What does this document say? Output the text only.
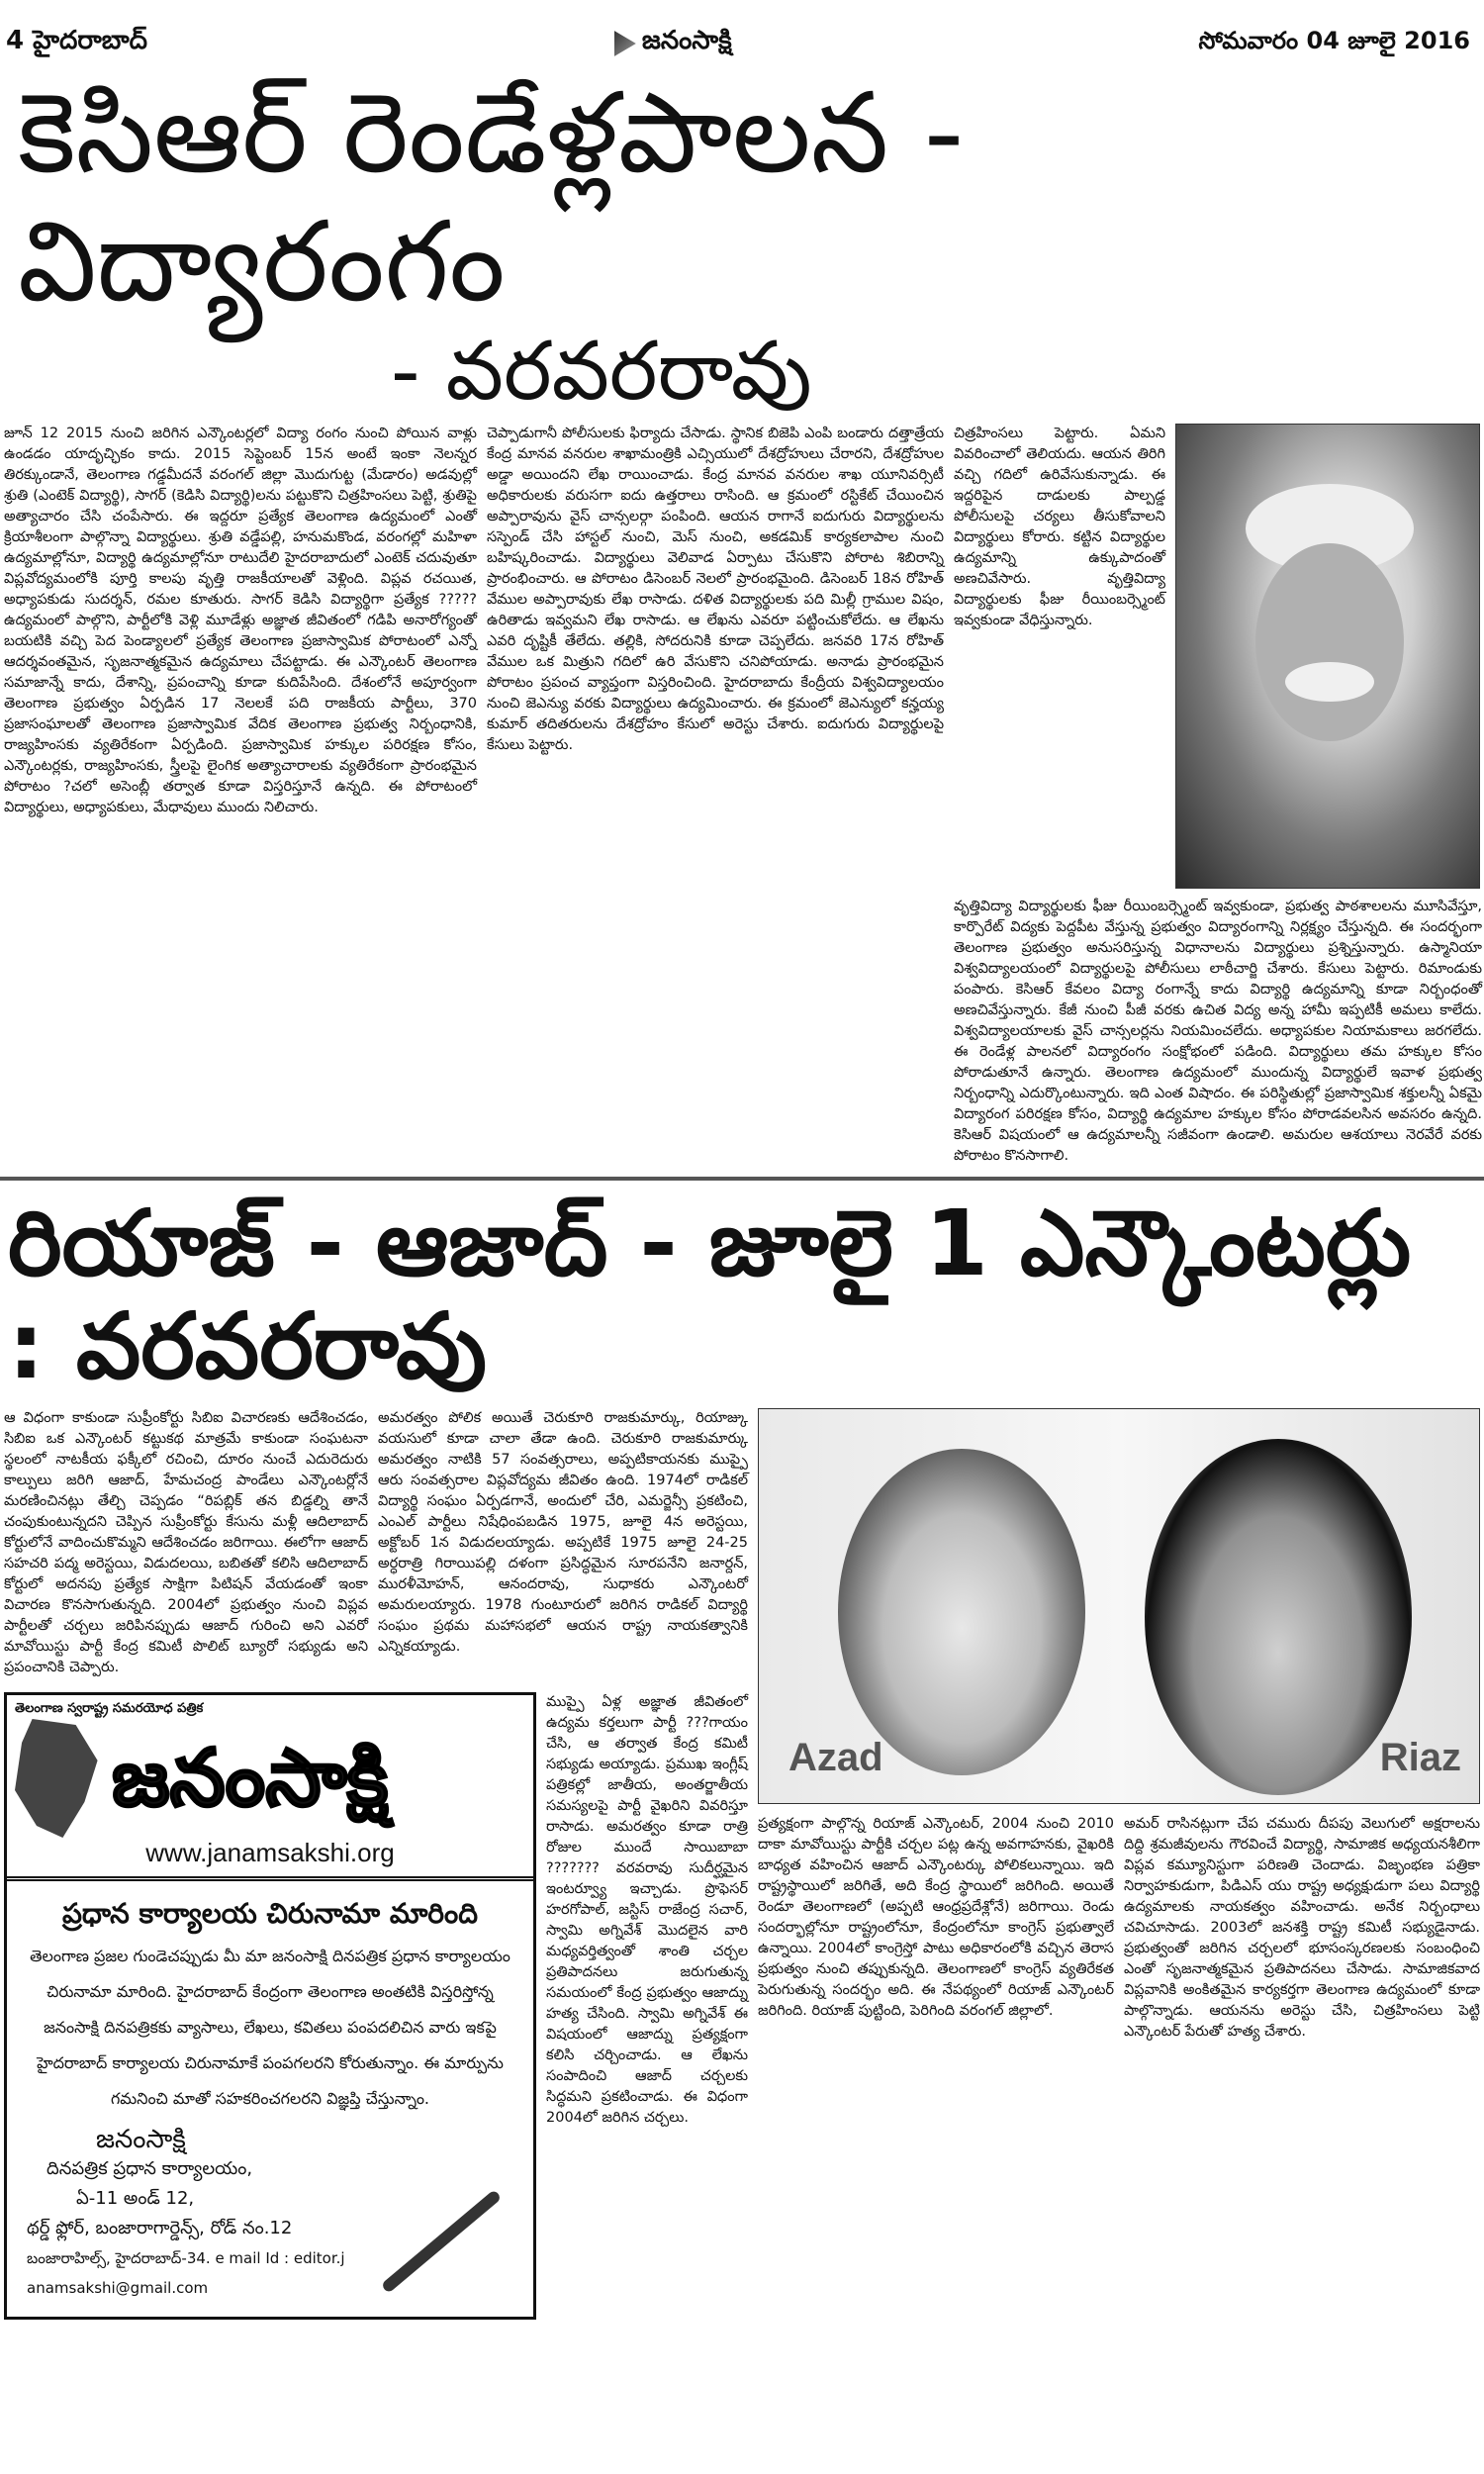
4 హైదరాబాద్	జనంసాక్షి	సోమవారం 04 జూలై 2016
కెసిఆర్ రెండేళ్లపాలన - విద్యారంగం
- వరవరరావు

జూన్ 12 2015 నుంచి జరిగిన ఎన్కౌంటర్లలో విద్యా రంగం నుంచి పోయిన వాళ్లు ఉండడం యాదృచ్ఛికం కాదు. 2015 సెప్టెంబర్ 15న అంటే ఇంకా నెలన్నర తిరక్కుండానే, తెలంగాణ గడ్డమీదనే వరంగల్ జిల్లా మొదుగుట్ట (మేడారం) అడవుల్లో శ్రుతి (ఎంటెక్ విద్యార్థి), సాగర్ (కెడిసి విద్యార్థి)లను పట్టుకొని చిత్రహింసలు పెట్టి, శ్రుతిపై అత్యాచారం చేసి చంపేసారు. ఈ ఇద్దరూ ప్రత్యేక తెలంగాణ ఉద్యమంలో ఎంతో క్రియాశీలంగా పాల్గొన్నా విద్యార్థులు. శ్రుతి వడ్డేపల్లి, హనుమకొండ, వరంగల్లో మహిళా ఉద్యమాల్లోనూ, విద్యార్థి ఉద్యమాల్లోనూ రాటుదేలి హైదరాబాదులో ఎంటెక్ చదువుతూ విప్లవోద్యమంలోకి పూర్తి కాలపు వృత్తి రాజకీయాలతో వెళ్లింది. విప్లవ రచయిత, అధ్యాపకుడు సుదర్శన్, రమల కూతురు. సాగర్ కెడిసి విద్యార్థిగా ప్రత్యేక ?????ఉద్యమంలో పాల్గొని, పార్టీలోకి వెళ్లి మూడేళ్లు అజ్ఞాత జీవితంలో గడిపి అనారోగ్యంతో బయటికి వచ్చి పెద పెండ్యాలలో ప్రత్యేక తెలంగాణ ప్రజాస్వామిక పోరాటంలో ఎన్నో ఆదర్శవంతమైన, సృజనాత్మకమైన ఉద్యమాలు చేపట్టాడు. ఈ ఎన్కౌంటర్ తెలంగాణ సమాజాన్నే కాదు, దేశాన్ని, ప్రపంచాన్ని కూడా కుదిపేసింది. దేశంలోనే అపూర్వంగా తెలంగాణ ప్రభుత్వం ఏర్పడిన 17 నెలలకే పది రాజకీయ పార్టీలు, 370 ప్రజాసంఘాలతో తెలంగాణ ప్రజాస్వామిక వేదిక తెలంగాణ ప్రభుత్వ నిర్బంధానికి, రాజ్యహింసకు వ్యతిరేకంగా ఏర్పడింది. ప్రజాస్వామిక హక్కుల పరిరక్షణ కోసం, ఎన్కౌంటర్లకు, రాజ్యహింసకు, స్త్రీలపై లైంగిక అత్యాచారాలకు వ్యతిరేకంగా ప్రారంభమైన పోరాటం ?చలో అసెంబ్లీ తర్వాత కూడా విస్తరిస్తూనే ఉన్నది. ఈ పోరాటంలో విద్యార్థులు, అధ్యాపకులు, మేధావులు ముందు నిలిచారు.

చెప్పాడుగానీ పోలీసులకు ఫిర్యాదు చేసాడు. స్థానిక బిజెపి ఎంపి బండారు దత్తాత్రేయ కేంద్ర మానవ వనరుల శాఖామంత్రికి ఎచ్సియులో దేశద్రోహులు చేరారని, దేశద్రోహుల అడ్డా అయిందని లేఖ రాయించాడు. కేంద్ర మానవ వనరుల శాఖ యూనివర్సిటీ అధికారులకు వరుసగా ఐదు ఉత్తరాలు రాసింది. ఆ క్రమంలో రస్టికేట్ చేయించిన అప్పారావును వైస్ చాన్సలర్గా పంపింది. ఆయన రాగానే ఐదుగురు విద్యార్థులను సస్పెండ్ చేసి హాస్టల్ నుంచి, మెస్ నుంచి, అకడమిక్ కార్యకలాపాల నుంచి బహిష్కరించాడు. విద్యార్థులు వెలివాడ ఏర్పాటు చేసుకొని పోరాట శిబిరాన్ని ప్రారంభించారు. ఆ పోరాటం డిసెంబర్ నెలలో ప్రారంభమైంది. డిసెంబర్ 18న రోహిత్ వేముల అప్పారావుకు లేఖ రాసాడు. దళిత విద్యార్థులకు పది మిల్లీ గ్రాముల విషం, ఉరితాడు ఇవ్వమని లేఖ రాసాడు. ఆ లేఖను ఎవరూ పట్టించుకోలేదు. ఆ లేఖను ఎవరి దృష్టికీ తేలేదు. తల్లికి, సోదరునికి కూడా చెప్పలేదు. జనవరి 17న రోహిత్ వేముల ఒక మిత్రుని గదిలో ఉరి వేసుకొని చనిపోయాడు. అనాడు ప్రారంభమైన పోరాటం ప్రపంచ వ్యాప్తంగా విస్తరించింది. హైదరాబాదు కేంద్రీయ విశ్వవిద్యాలయం నుంచి జెఎన్యు వరకు విద్యార్థులు ఉద్యమించారు. ఈ క్రమంలో జెఎన్యులో కన్హయ్య కుమార్ తదితరులను దేశద్రోహం కేసులో అరెస్టు చేశారు. ఐదుగురు విద్యార్థులపై కేసులు పెట్టారు.

చిత్రహింసలు పెట్టారు. ఏమని వివరించాలో తెలియదు. ఆయన తిరిగి వచ్చి గదిలో ఉరివేసుకున్నాడు. ఈ ఇద్దరిపైన దాడులకు పాల్పడ్డ పోలీసులపై చర్యలు తీసుకోవాలని విద్యార్థులు కోరారు. కట్టిన విద్యార్థుల ఉద్యమాన్ని ఉక్కుపాదంతో అణచివేసారు. వృత్తివిద్యా విద్యార్థులకు ఫీజు రీయింబర్స్మెంట్ ఇవ్వకుండా వేధిస్తున్నారు.

వృత్తివిద్యా విద్యార్థులకు ఫీజు రీయింబర్స్మెంట్ ఇవ్వకుండా, ప్రభుత్వ పాఠశాలలను మూసివేస్తూ, కార్పొరేట్ విద్యకు పెద్దపీట వేస్తున్న ప్రభుత్వం విద్యారంగాన్ని నిర్లక్ష్యం చేస్తున్నది. ఈ సందర్భంగా తెలంగాణ ప్రభుత్వం అనుసరిస్తున్న విధానాలను విద్యార్థులు ప్రశ్నిస్తున్నారు. ఉస్మానియా విశ్వవిద్యాలయంలో విద్యార్థులపై పోలీసులు లాఠీచార్జి చేశారు. కేసులు పెట్టారు. రిమాండుకు పంపారు. కెసిఆర్ కేవలం విద్యా రంగాన్నే కాదు విద్యార్థి ఉద్యమాన్ని కూడా నిర్బంధంతో అణచివేస్తున్నారు. కేజీ నుంచి పీజీ వరకు ఉచిత విద్య అన్న హామీ ఇప్పటికీ అమలు కాలేదు. విశ్వవిద్యాలయాలకు వైస్ చాన్సలర్లను నియమించలేదు. అధ్యాపకుల నియామకాలు జరగలేదు. ఈ రెండేళ్ల పాలనలో విద్యారంగం సంక్షోభంలో పడింది. విద్యార్థులు తమ హక్కుల కోసం పోరాడుతూనే ఉన్నారు. తెలంగాణ ఉద్యమంలో ముందున్న విద్యార్థులే ఇవాళ ప్రభుత్వ నిర్బంధాన్ని ఎదుర్కొంటున్నారు. ఇది ఎంత విషాదం. ఈ పరిస్థితుల్లో ప్రజాస్వామిక శక్తులన్నీ ఏకమై విద్యారంగ పరిరక్షణ కోసం, విద్యార్థి ఉద్యమాల హక్కుల కోసం పోరాడవలసిన అవసరం ఉన్నది. కెసిఆర్ విషయంలో ఆ ఉద్యమాలన్నీ సజీవంగా ఉండాలి. అమరుల ఆశయాలు నెరవేరే వరకు పోరాటం కొనసాగాలి.

రియాజ్ - ఆజాద్ - జూలై 1 ఎన్కౌంటర్లు : వరవరరావు

ఆ విధంగా కాకుండా సుప్రీంకోర్టు సిబిఐ విచారణకు ఆదేశించడం, సిబిఐ ఒక ఎన్కౌంటర్ కట్టుకథ మాత్రమే కాకుండా సంఘటనా స్థలంలో నాటకీయ ఫక్కీలో రచించి, దూరం నుంచే ఎదురెదురు కాల్పులు జరిగి ఆజాద్, హేమచంద్ర పాండేలు ఎన్కౌంటర్లోనే మరణించినట్లు తేల్చి చెప్పడం “రిపబ్లిక్ తన బిడ్డల్ని తానే చంపుకుంటున్నదని చెప్పిన సుప్రీంకోర్టు కేసును మళ్లీ ఆదిలాబాద్ కోర్టులోనే వాదించుకొమ్మని ఆదేశించడం జరిగాయి. ఈలోగా ఆజాద్ సహచరి పద్మ అరెస్టయి, విడుదలయి, బబితతో కలిసి ఆదిలాబాద్ కోర్టులో అదనపు ప్రత్యేక సాక్షిగా పిటిషన్ వేయడంతో ఇంకా విచారణ కొనసాగుతున్నది. 2004లో ప్రభుత్వం నుంచి విప్లవ పార్టీలతో చర్చలు జరిపినప్పుడు ఆజాద్ గురించి అని ఎవరో మావోయిస్టు పార్టీ కేంద్ర కమిటీ పొలిట్ బ్యూరో సభ్యుడు అని ప్రపంచానికి చెప్పారు.

అమరత్వం పోలిక అయితే చెరుకూరి రాజకుమార్కు, రియాజ్కు వయసులో కూడా చాలా తేడా ఉంది. చెరుకూరి రాజకుమార్కు అమరత్వం నాటికి 57 సంవత్సరాలు, అప్పటికాయనకు ముప్పై ఆరు సంవత్సరాల విప్లవోద్యమ జీవితం ఉంది. 1974లో రాడికల్ విద్యార్థి సంఘం ఏర్పడగానే, అందులో చేరి, ఎమర్జెన్సీ ప్రకటించి, ఎంఎల్ పార్టీలు నిషేధింపబడిన 1975, జూలై 4న అరెస్టయి, అక్టోబర్ 1న విడుదలయ్యాడు. అప్పటికే 1975 జూలై 24-25 అర్ధరాత్రి గిరాయిపల్లి దళంగా ప్రసిద్ధమైన సూరపనేని జనార్దన్, మురళీమోహన్, ఆనందరావు, సుధాకరు ఎన్కౌంటరో అమరులయ్యారు. 1978 గుంటూరులో జరిగిన రాడికల్ విద్యార్థి సంఘం ప్రథమ మహాసభలో ఆయన రాష్ట్ర నాయకత్వానికి ఎన్నికయ్యాడు.

తెలంగాణ స్వరాష్ట్ర సమరయోధ పత్రిక
జనంసాక్షి
www.janamsakshi.org
ప్రధాన కార్యాలయ చిరునామా మారింది
తెలంగాణ ప్రజల గుండెచప్పుడు మీ మా జనంసాక్షి దినపత్రిక ప్రధాన కార్యాలయం
చిరునామా మారింది. హైదరాబాద్ కేంద్రంగా తెలంగాణ అంతటికి విస్తరిస్తోన్న
జనంసాక్షి దినపత్రికకు వ్యాసాలు, లేఖలు, కవితలు పంపదలిచిన వారు ఇకపై
హైదరాబాద్ కార్యాలయ చిరునామాకే పంపగలరని కోరుతున్నాం. ఈ మార్పును
గమనించి మాతో సహకరించగలరని విజ్ఞప్తి చేస్తున్నాం.
జనంసాక్షి
దినపత్రిక ప్రధాన కార్యాలయం,
ఏ-11 అండ్ 12,
థర్డ్ ఫ్లోర్, బంజారాగార్డెన్స్, రోడ్ నం.12
బంజారాహిల్స్, హైదరాబాద్-34. e mail Id : editor.janamsakshi@gmail.com

ముప్పై ఏళ్ల అజ్ఞాత జీవితంలో ఉద్యమ కర్తలుగా పార్టీ ???గాయం చేసి, ఆ తర్వాత కేంద్ర కమిటీ సభ్యుడు అయ్యాడు. ప్రముఖ ఇంగ్లీష్ పత్రికల్లో జాతీయ, అంతర్జాతీయ సమస్యలపై పార్టీ వైఖరిని వివరిస్తూ రాసాడు. అమరత్వం కూడా రాత్రి రోజుల ముందే సాయిబాబా ??????? వరవరావు సుదీర్ఘమైన ఇంటర్వ్యూ ఇచ్చాడు. ప్రొఫెసర్ హరగోపాల్, జస్టిస్ రాజేంద్ర సచార్, స్వామి అగ్నివేశ్ మొదలైన వారి మధ్యవర్తిత్వంతో శాంతి చర్చల ప్రతిపాదనలు జరుగుతున్న సమయంలో కేంద్ర ప్రభుత్వం ఆజాద్ను హత్య చేసింది. స్వామి అగ్నివేశ్ ఈ విషయంలో ఆజాద్ను ప్రత్యక్షంగా కలిసి చర్చించాడు. ఆ లేఖను సంపాదించి ఆజాద్ చర్చలకు సిద్ధమని ప్రకటించాడు. ఈ విధంగా 2004లో జరిగిన చర్చలు.

Azad	Riaz

ప్రత్యక్షంగా పాల్గొన్న రియాజ్ ఎన్కౌంటర్, 2004 నుంచి 2010 దాకా మావోయిస్టు పార్టీకి చర్చల పట్ల ఉన్న అవగాహనకు, వైఖరికి బాధ్యత వహించిన ఆజాద్ ఎన్కౌంటర్కు పోలికలున్నాయి. ఇది రాష్ట్రస్థాయిలో జరిగితే, అది కేంద్ర స్థాయిలో జరిగింది. అయితే రెండూ తెలంగాణలో (అప్పటి ఆంధ్రప్రదేశ్లోనే) జరిగాయి. రెండు సందర్భాల్లోనూ రాష్ట్రంలోనూ, కేంద్రంలోనూ కాంగ్రెస్ ప్రభుత్వాలే ఉన్నాయి. 2004లో కాంగ్రెస్తో పాటు అధికారంలోకి వచ్చిన తెరాస ప్రభుత్వం నుంచి తప్పుకున్నది. తెలంగాణలో కాంగ్రెస్ వ్యతిరేకత పెరుగుతున్న సందర్భం అది. ఈ నేపథ్యంలో రియాజ్ ఎన్కౌంటర్ జరిగింది. రియాజ్ పుట్టింది, పెరిగింది వరంగల్ జిల్లాలో.

అమర్ రాసినట్లుగా చేప చమురు దీపపు వెలుగులో అక్షరాలను దిద్ది శ్రమజీవులను గౌరవించే విద్యార్థి, సామాజిక అధ్యయనశీలిగా విప్లవ కమ్యూనిస్టుగా పరిణతి చెందాడు. విజృంభణ పత్రికా నిర్వాహకుడుగా, పిడిఎస్ యు రాష్ట్ర అధ్యక్షుడుగా పలు విద్యార్థి ఉద్యమాలకు నాయకత్వం వహించాడు. అనేక నిర్బంధాలు చవిచూసాడు. 2003లో జనశక్తి రాష్ట్ర కమిటీ సభ్యుడైనాడు. ప్రభుత్వంతో జరిగిన చర్చలలో భూసంస్కరణలకు సంబంధించి ఎంతో సృజనాత్మకమైన ప్రతిపాదనలు చేసాడు. సామాజికవాద విప్లవానికి అంకితమైన కార్యకర్తగా తెలంగాణ ఉద్యమంలో కూడా పాల్గొన్నాడు. ఆయనను అరెస్టు చేసి, చిత్రహింసలు పెట్టి ఎన్కౌంటర్ పేరుతో హత్య చేశారు.
